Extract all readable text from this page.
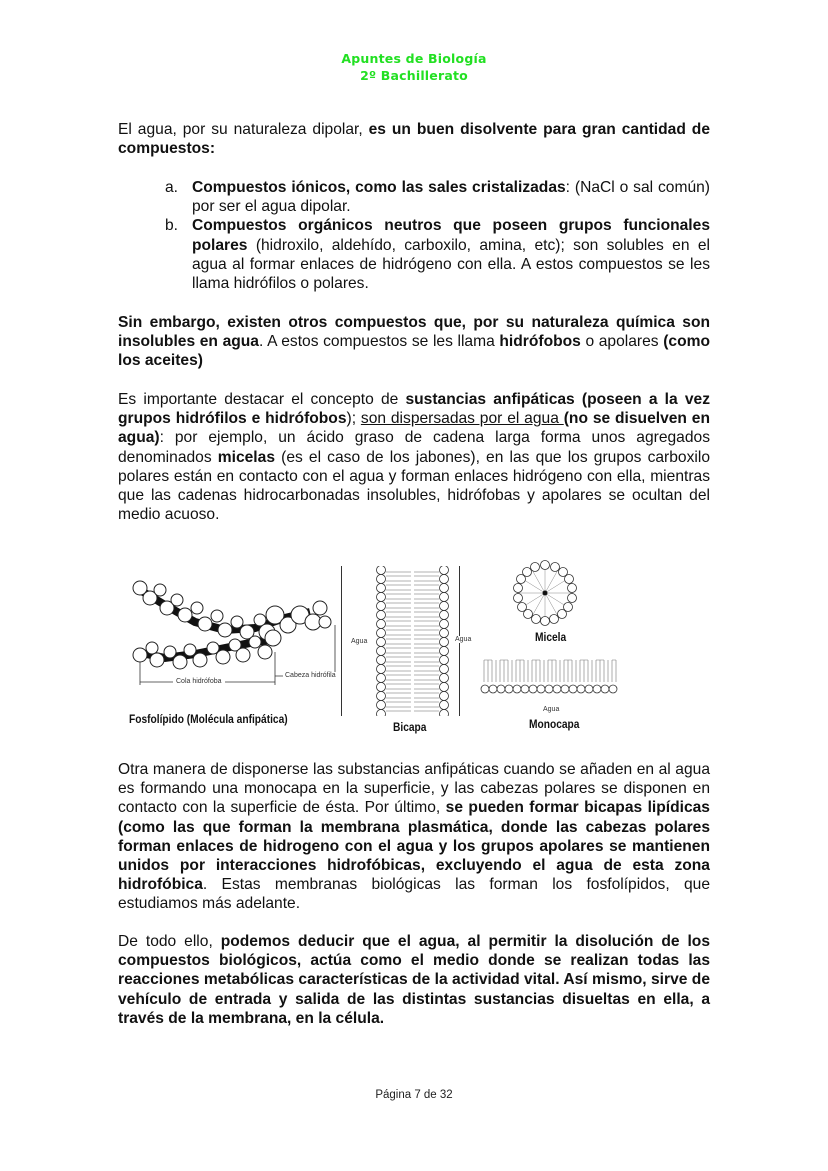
Apuntes de Biología
2º Bachillerato
El agua, por su naturaleza dipolar, es un buen disolvente para gran cantidad de compuestos:
a. Compuestos iónicos, como las sales cristalizadas: (NaCl o sal común) por ser el agua dipolar.
b. Compuestos orgánicos neutros que poseen grupos funcionales polares (hidroxilo, aldehído, carboxilo, amina, etc); son solubles en el agua al formar enlaces de hidrógeno con ella. A estos compuestos se les llama hidrófilos o polares.
Sin embargo, existen otros compuestos que, por su naturaleza química son insolubles en agua. A estos compuestos se les llama hidrófobos o apolares (como los aceites)
Es importante destacar el concepto de sustancias anfipáticas (poseen a la vez grupos hidrófilos e hidrófobos); son dispersadas por el agua (no se disuelven en agua): por ejemplo, un ácido graso de cadena larga forma unos agregados denominados micelas (es el caso de los jabones), en las que los grupos carboxilo polares están en contacto con el agua y forman enlaces hidrógeno con ella, mientras que las cadenas hidrocarbonadas insolubles, hidrófobas y apolares se ocultan del medio acuoso.
Cola hidrófoba
Cabeza hidrófila
Fosfolípido (Molécula anfipática)
Agua	Agua
Bicapa
Micela
Agua
Monocapa
Otra manera de disponerse las substancias anfipáticas cuando se añaden en al agua es formando una monocapa en la superficie, y las cabezas polares se disponen en contacto con la superficie de ésta. Por último, se pueden formar bicapas lipídicas (como las que forman la membrana plasmática, donde las cabezas polares forman enlaces de hidrogeno con el agua y los grupos apolares se mantienen unidos por interacciones hidrofóbicas, excluyendo el agua de esta zona hidrofóbica. Estas membranas biológicas las forman los fosfolípidos, que estudiamos más adelante.
De todo ello, podemos deducir que el agua, al permitir la disolución de los compuestos biológicos, actúa como el medio donde se realizan todas las reacciones metabólicas características de la actividad vital. Así mismo, sirve de vehículo de entrada y salida de las distintas sustancias disueltas en ella, a través de la membrana, en la célula.
Página 7 de 32
